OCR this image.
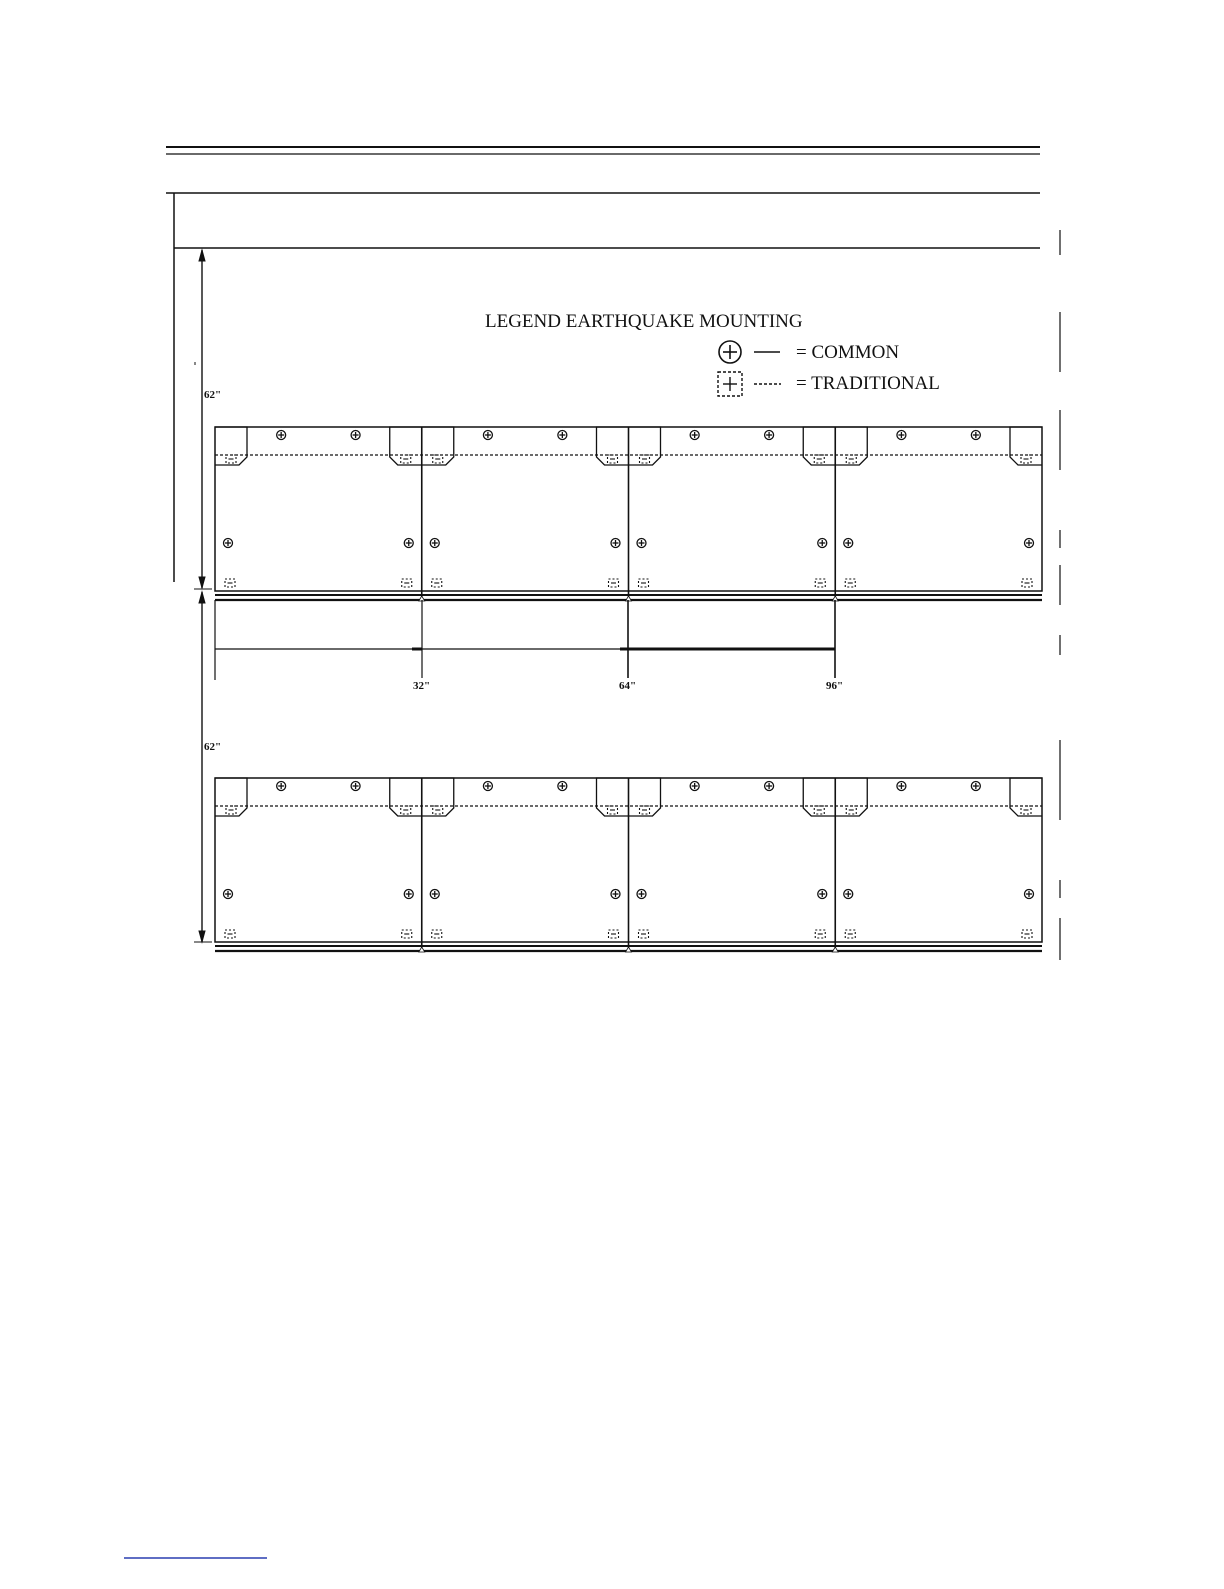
LEGEND EARTHQUAKE MOUNTING
= COMMON
= TRADITIONAL
62"
62"
32"	64"	96"
